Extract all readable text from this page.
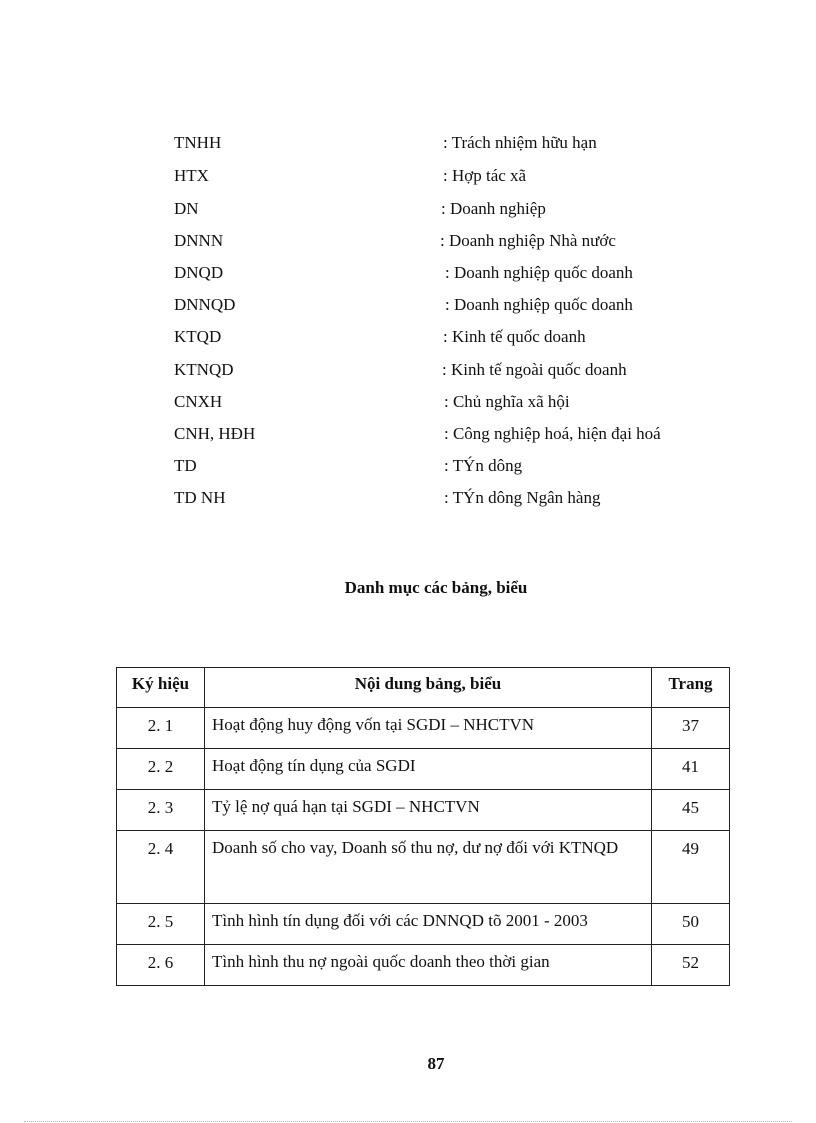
TNHH	: Trách nhiệm hữu hạn
HTX	: Hợp tác xã
DN	: Doanh nghiệp
DNNN	: Doanh nghiệp Nhà nước
DNQD	: Doanh nghiệp quốc doanh
DNNQD	: Doanh nghiệp quốc doanh
KTQD	: Kinh tế quốc doanh
KTNQD	: Kinh tế ngoài quốc doanh
CNXH	: Chủ nghĩa xã hội
CNH, HĐH	: Công nghiệp hoá, hiện đại hoá
TD	: TÝn dông
TD NH	: TÝn dông Ngân hàng
Danh mục các bảng, biểu
Ký hiệu	Nội dung bảng, biểu	Trang
2. 1	Hoạt động huy động vốn tại SGDI – NHCTVN	37
2. 2	Hoạt động tín dụng của SGDI	41
2. 3	Tỷ lệ nợ quá hạn tại SGDI – NHCTVN	45
2. 4	Doanh số cho vay, Doanh số thu nợ, dư nợ đối với KTNQD	49
2. 5	Tình hình tín dụng đối với các DNNQD tõ 2001 - 2003	50
2. 6	Tình hình thu nợ ngoài quốc doanh theo thời gian	52
87
